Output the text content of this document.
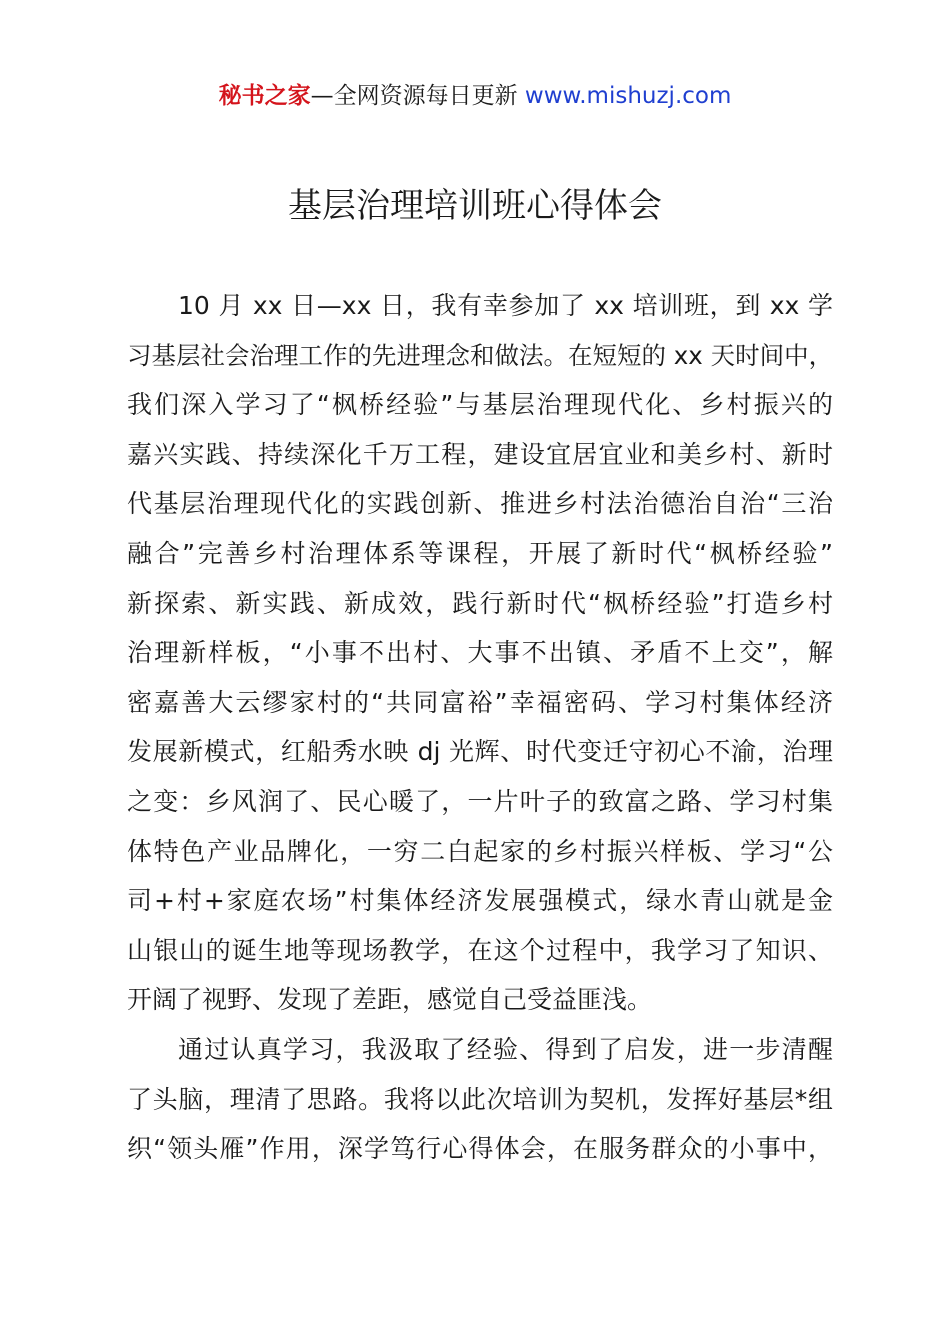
秘书之家—全网资源每日更新 www.mishuzj.com
基层治理培训班心得体会
10 月 xx 日—xx 日，我有幸参加了 xx 培训班，到 xx 学
习基层社会治理工作的先进理念和做法。在短短的 xx 天时间中，
我们深入学习了“枫桥经验”与基层治理现代化、乡村振兴的
嘉兴实践、持续深化千万工程，建设宜居宜业和美乡村、新时
代基层治理现代化的实践创新、推进乡村法治德治自治“三治
融合”完善乡村治理体系等课程，开展了新时代“枫桥经验”
新探索、新实践、新成效，践行新时代“枫桥经验”打造乡村
治理新样板，“小事不出村、大事不出镇、矛盾不上交”，解
密嘉善大云缪家村的“共同富裕”幸福密码、学习村集体经济
发展新模式，红船秀水映 dj 光辉、时代变迁守初心不渝，治理
之变：乡风润了、民心暖了，一片叶子的致富之路、学习村集
体特色产业品牌化，一穷二白起家的乡村振兴样板、学习“公
司+村+家庭农场”村集体经济发展强模式，绿水青山就是金
山银山的诞生地等现场教学，在这个过程中，我学习了知识、
开阔了视野、发现了差距，感觉自己受益匪浅。
通过认真学习，我汲取了经验、得到了启发，进一步清醒
了头脑，理清了思路。我将以此次培训为契机，发挥好基层*组
织“领头雁”作用，深学笃行心得体会，在服务群众的小事中，
